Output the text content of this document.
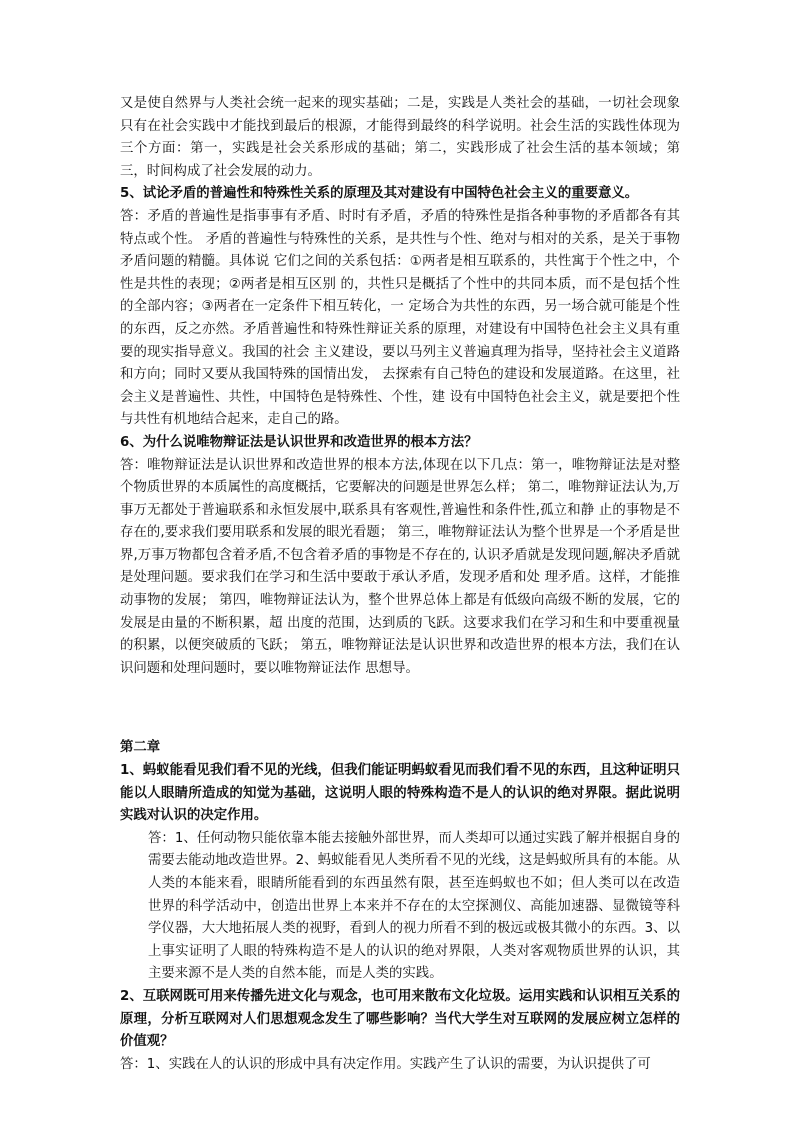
又是使自然界与人类社会统一起来的现实基础；二是，实践是人类社会的基础，一切社会现象只有在社会实践中才能找到最后的根源，才能得到最终的科学说明。社会生活的实践性体现为三个方面：第一，实践是社会关系形成的基础；第二，实践形成了社会生活的基本领域；第三，时间构成了社会发展的动力。

5、试论矛盾的普遍性和特殊性关系的原理及其对建设有中国特色社会主义的重要意义。

答：矛盾的普遍性是指事事有矛盾、时时有矛盾，矛盾的特殊性是指各种事物的矛盾都各有其特点或个性。 矛盾的普遍性与特殊性的关系，是共性与个性、绝对与相对的关系，是关于事物矛盾问题的精髓。具体说 它们之间的关系包括：①两者是相互联系的，共性寓于个性之中，个性是共性的表现；②两者是相互区别 的，共性只是概括了个性中的共同本质，而不是包括个性的全部内容；③两者在一定条件下相互转化，一 定场合为共性的东西，另一场合就可能是个性的东西，反之亦然。矛盾普遍性和特殊性辩证关系的原理，对建设有中国特色社会主义具有重要的现实指导意义。我国的社会 主义建设，要以马列主义普遍真理为指导，坚持社会主义道路和方向；同时又要从我国特殊的国情出发， 去探索有自己特色的建设和发展道路。在这里，社会主义是普遍性、共性，中国特色是特殊性、个性，建 设有中国特色社会主义，就是要把个性与共性有机地结合起来，走自己的路。

6、为什么说唯物辩证法是认识世界和改造世界的根本方法？

答：唯物辩证法是认识世界和改造世界的根本方法,体现在以下几点：第一，唯物辩证法是对整个物质世界的本质属性的高度概括，它要解决的问题是世界怎么样； 第二，唯物辩证法认为,万事万无都处于普遍联系和永恒发展中,联系具有客观性,普遍性和条件性,孤立和静 止的事物是不存在的,要求我们要用联系和发展的眼光看题； 第三，唯物辩证法认为整个世界是一个矛盾是世界,万事万物都包含着矛盾,不包含着矛盾的事物是不存在的, 认识矛盾就是发现问题,解决矛盾就是处理问题。要求我们在学习和生活中要敢于承认矛盾，发现矛盾和处 理矛盾。这样，才能推动事物的发展； 第四，唯物辩证法认为，整个世界总体上都是有低级向高级不断的发展，它的发展是由量的不断积累，超 出度的范围，达到质的飞跃。这要求我们在学习和生和中要重视量的积累，以便突破质的飞跃； 第五，唯物辩证法是认识世界和改造世界的根本方法，我们在认识问题和处理问题时，要以唯物辩证法作 思想导。

第二章

1、蚂蚁能看见我们看不见的光线，但我们能证明蚂蚁看见而我们看不见的东西，且这种证明只能以人眼睛所造成的知觉为基础，这说明人眼的特殊构造不是人的认识的绝对界限。据此说明实践对认识的决定作用。

答：1、任何动物只能依靠本能去接触外部世界，而人类却可以通过实践了解并根据自身的需要去能动地改造世界。2、蚂蚁能看见人类所看不见的光线，这是蚂蚁所具有的本能。从人类的本能来看，眼睛所能看到的东西虽然有限，甚至连蚂蚁也不如；但人类可以在改造世界的科学活动中，创造出世界上本来并不存在的太空探测仪、高能加速器、显微镜等科学仪器，大大地拓展人类的视野，看到人的视力所看不到的极远或极其微小的东西。3、以上事实证明了人眼的特殊构造不是人的认识的绝对界限，人类对客观物质世界的认识，其主要来源不是人类的自然本能，而是人类的实践。

2、互联网既可用来传播先进文化与观念，也可用来散布文化垃圾。运用实践和认识相互关系的原理，分析互联网对人们思想观念发生了哪些影响？当代大学生对互联网的发展应树立怎样的价值观？

答：1、实践在人的认识的形成中具有决定作用。实践产生了认识的需要，为认识提供了可
